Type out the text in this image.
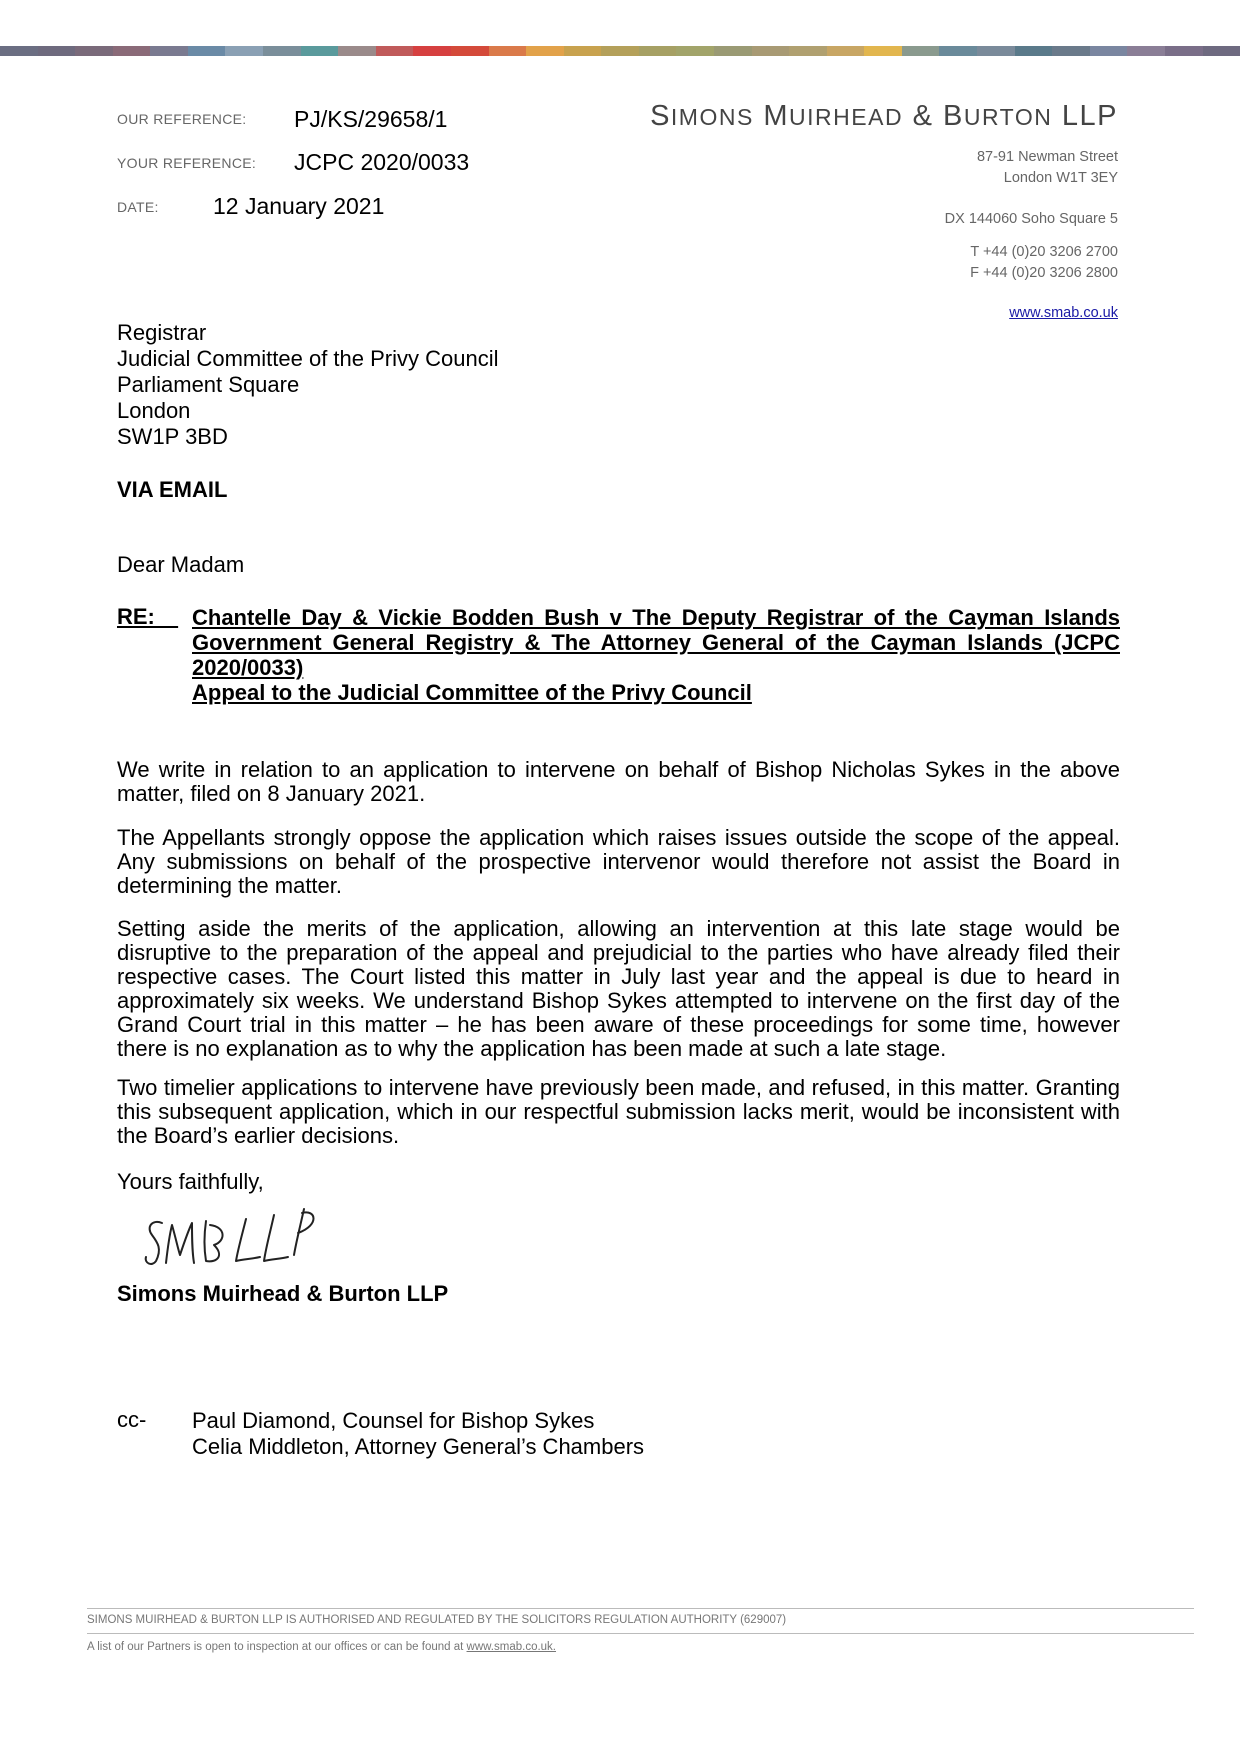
OUR REFERENCE: PJ/KS/29658/1
YOUR REFERENCE: JCPC 2020/0033
DATE: 12 January 2021
SIMONS MUIRHEAD & BURTON LLP
87-91 Newman Street
London W1T 3EY
DX 144060 Soho Square 5
T +44 (0)20 3206 2700
F +44 (0)20 3206 2800
www.smab.co.uk
Registrar
Judicial Committee of the Privy Council
Parliament Square
London
SW1P 3BD
VIA EMAIL
Dear Madam
RE:
	Chantelle Day & Vickie Bodden Bush v The Deputy Registrar of the Cayman Islands
Government General Registry & The Attorney General of the Cayman Islands (JCPC
2020/0033)
Appeal to the Judicial Committee of the Privy Council
We write in relation to an application to intervene on behalf of Bishop Nicholas Sykes in the above matter, filed on 8 January 2021.
The Appellants strongly oppose the application which raises issues outside the scope of the appeal. Any submissions on behalf of the prospective intervenor would therefore not assist the Board in determining the matter.
Setting aside the merits of the application, allowing an intervention at this late stage would be disruptive to the preparation of the appeal and prejudicial to the parties who have already filed their respective cases. The Court listed this matter in July last year and the appeal is due to heard in approximately six weeks. We understand Bishop Sykes attempted to intervene on the first day of the Grand Court trial in this matter – he has been aware of these proceedings for some time, however there is no explanation as to why the application has been made at such a late stage.
Two timelier applications to intervene have previously been made, and refused, in this matter. Granting this subsequent application, which in our respectful submission lacks merit, would be inconsistent with the Board’s earlier decisions.
Yours faithfully,
Simons Muirhead & Burton LLP
cc- Paul Diamond, Counsel for Bishop Sykes
Celia Middleton, Attorney General’s Chambers
SIMONS MUIRHEAD & BURTON LLP IS AUTHORISED AND REGULATED BY THE SOLICITORS REGULATION AUTHORITY (629007)
A list of our Partners is open to inspection at our offices or can be found at www.smab.co.uk.
